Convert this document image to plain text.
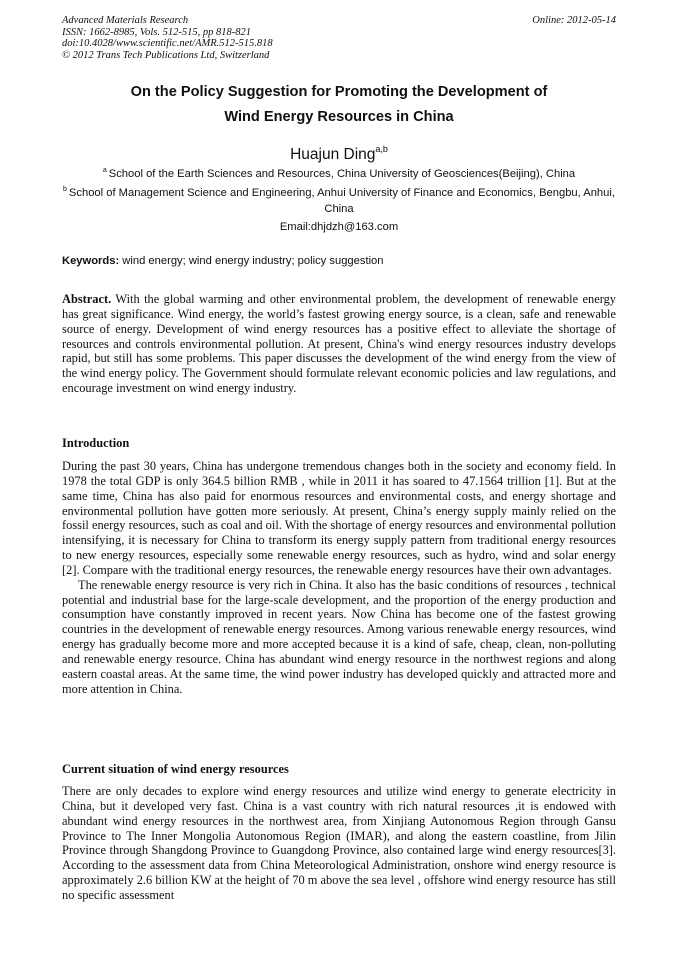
Advanced Materials Research
ISSN: 1662-8985, Vols. 512-515, pp 818-821
doi:10.4028/www.scientific.net/AMR.512-515.818
© 2012 Trans Tech Publications Ltd, Switzerland
Online: 2012-05-14
On the Policy Suggestion for Promoting the Development of
Wind Energy Resources in China
Huajun Ding$^{a,b}$
$^a$ School of the Earth Sciences and Resources, China University of Geosciences(Beijing), China
$^b$ School of Management Science and Engineering, Anhui University of Finance and Economics, Bengbu, Anhui, China
Email:dhjdzh@163.com
Keywords: wind energy; wind energy industry; policy suggestion
Abstract. With the global warming and other environmental problem, the development of renewable energy has great significance. Wind energy, the world’s fastest growing energy source, is a clean, safe and renewable source of energy. Development of wind energy resources has a positive effect to alleviate the shortage of resources and controls environmental pollution. At present, China's wind energy resources industry develops rapid, but still has some problems. This paper discusses the development of the wind energy from the view of the wind energy policy. The Government should formulate relevant economic policies and law regulations, and encourage investment on wind energy industry.
Introduction

During the past 30 years, China has undergone tremendous changes both in the society and economy field. In 1978 the total GDP is only 364.5 billion RMB , while in 2011 it has soared to 47.1564 trillion [1]. But at the same time, China has also paid for enormous resources and environmental costs, and energy shortage and environmental pollution have gotten more seriously. At present, China’s energy supply mainly relied on the fossil energy resources, such as coal and oil. With the shortage of energy resources and environmental pollution intensifying, it is necessary for China to transform its energy supply pattern from traditional energy resources to new energy resources, especially some renewable energy resources, such as hydro, wind and solar energy [2]. Compare with the traditional energy resources, the renewable energy resources have their own advantages.

The renewable energy resource is very rich in China. It also has the basic conditions of resources , technical potential and industrial base for the large-scale development, and the proportion of the energy production and consumption have constantly improved in recent years. Now China has become one of the fastest growing countries in the development of renewable energy resources. Among various renewable energy resources, wind energy has gradually become more and more accepted because it is a kind of safe, cheap, clean, non-polluting and renewable energy resource. China has abundant wind energy resource in the northwest regions and along eastern coastal areas. At the same time, the wind power industry has developed quickly and attracted more and more attention in China.

Current situation of wind energy resources
There are only decades to explore wind energy resources and utilize wind energy to generate electricity in China, but it developed very fast. China is a vast country with rich natural resources ,it is endowed with abundant wind energy resources in the northwest area, from Xinjiang Autonomous Region through Gansu Province to The Inner Mongolia Autonomous Region (IMAR), and along the eastern coastline, from Jilin Province through Shangdong Province to Guangdong Province, also contained large wind energy resources[3]. According to the assessment data from China Meteorological Administration, onshore wind energy resource is approximately 2.6 billion KW at the height of 70 m above the sea level , offshore wind energy resource has still no specific assessment
